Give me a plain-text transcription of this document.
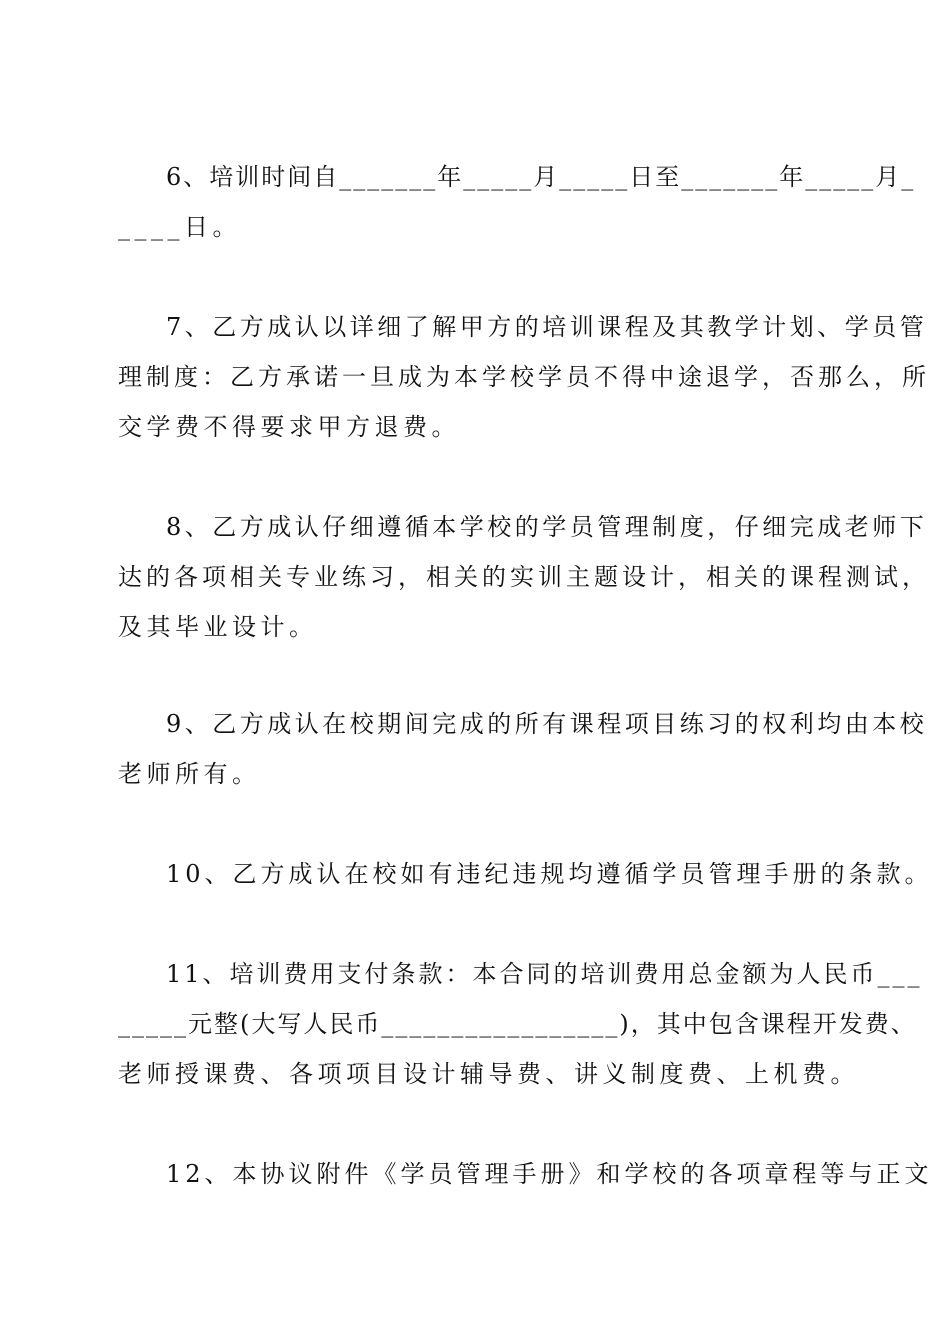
6、培训时间自_______年_____月_____日至_______年_____月_
____日。
7、乙方成认以详细了解甲方的培训课程及其教学计划、学员管
理制度：乙方承诺一旦成为本学校学员不得中途退学，否那么，所
交学费不得要求甲方退费。
8、乙方成认仔细遵循本学校的学员管理制度，仔细完成老师下
达的各项相关专业练习，相关的实训主题设计，相关的课程测试，
及其毕业设计。
9、乙方成认在校期间完成的所有课程项目练习的权利均由本校
老师所有。
10、乙方成认在校如有违纪违规均遵循学员管理手册的条款。
11、培训费用支付条款：本合同的培训费用总金额为人民币___
_____元整(大写人民币_________________)，其中包含课程开发费、
老师授课费、各项项目设计辅导费、讲义制度费、上机费。
12、本协议附件《学员管理手册》和学校的各项章程等与正文
